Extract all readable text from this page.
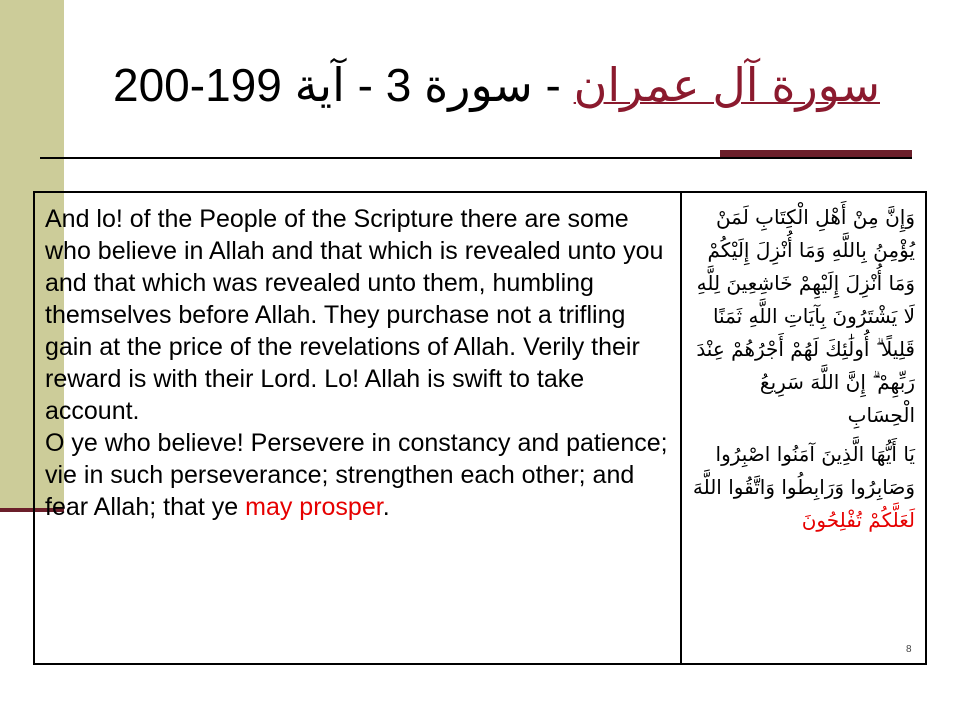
سورة آل عمران - سورة 3 - آية 199-200

And lo! of the People of the Scripture there are some who believe in Allah and that which is revealed unto you and that which was revealed unto them, humbling themselves before Allah. They purchase not a trifling gain at the price of the revelations of Allah. Verily their reward is with their Lord. Lo! Allah is swift to take account.

O ye who believe! Persevere in constancy and patience; vie in such perseverance; strengthen each other; and fear Allah; that ye may prosper.

وَإِنَّ مِنْ أَهْلِ الْكِتَابِ لَمَنْ يُؤْمِنُ بِاللَّهِ وَمَا أُنْزِلَ إِلَيْكُمْ وَمَا أُنْزِلَ إِلَيْهِمْ خَاشِعِينَ لِلَّهِ لَا يَشْتَرُونَ بِآيَاتِ اللَّهِ ثَمَنًا قَلِيلًا ۗ أُولَٰئِكَ لَهُمْ أَجْرُهُمْ عِنْدَ رَبِّهِمْ ۗ إِنَّ اللَّهَ سَرِيعُ الْحِسَابِ

يَا أَيُّهَا الَّذِينَ آمَنُوا اصْبِرُوا وَصَابِرُوا وَرَابِطُوا وَاتَّقُوا اللَّهَ لَعَلَّكُمْ تُفْلِحُونَ

8
